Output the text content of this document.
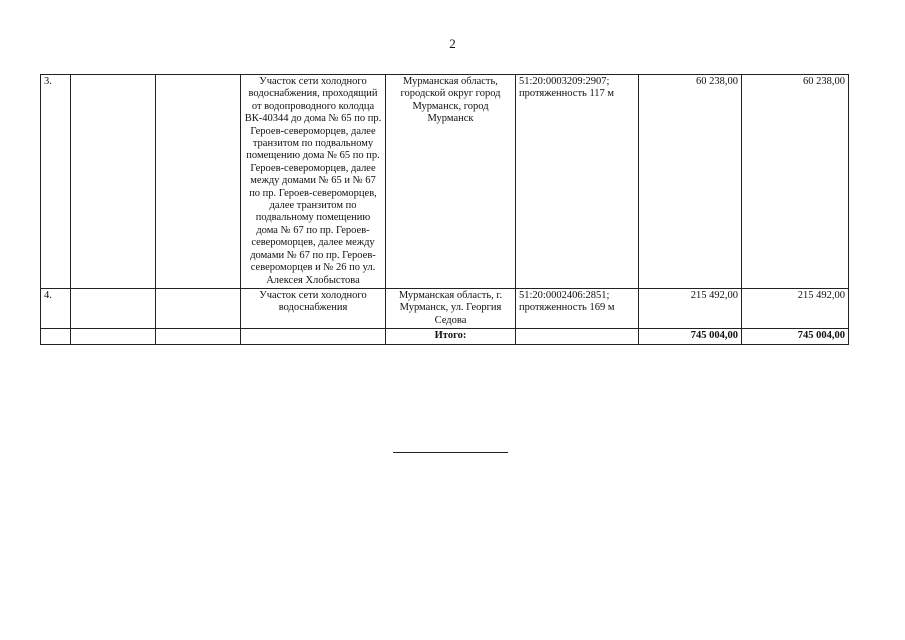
2
3.			Участок сети холодного водоснабжения, проходящий от водопроводного колодца ВК-40344 до дома № 65 по пр. Героев-североморцев, далее транзитом по подвальному помещению дома № 65 по пр. Героев-североморцев, далее между домами № 65 и № 67 по пр. Героев-североморцев, далее транзитом по подвальному помещению дома № 67 по пр. Героев-североморцев, далее между домами № 67 по пр. Героев-североморцев и № 26 по ул. Алексея Хлобыстова	Мурманская область, городской округ город Мурманск, город Мурманск	51:20:0003209:2907; протяженность 117 м	60 238,00	60 238,00
4.			Участок сети холодного водоснабжения	Мурманская область, г. Мурманск, ул. Георгия Седова	51:20:0002406:2851; протяженность 169 м	215 492,00	215 492,00
				Итого:		745 004,00	745 004,00
